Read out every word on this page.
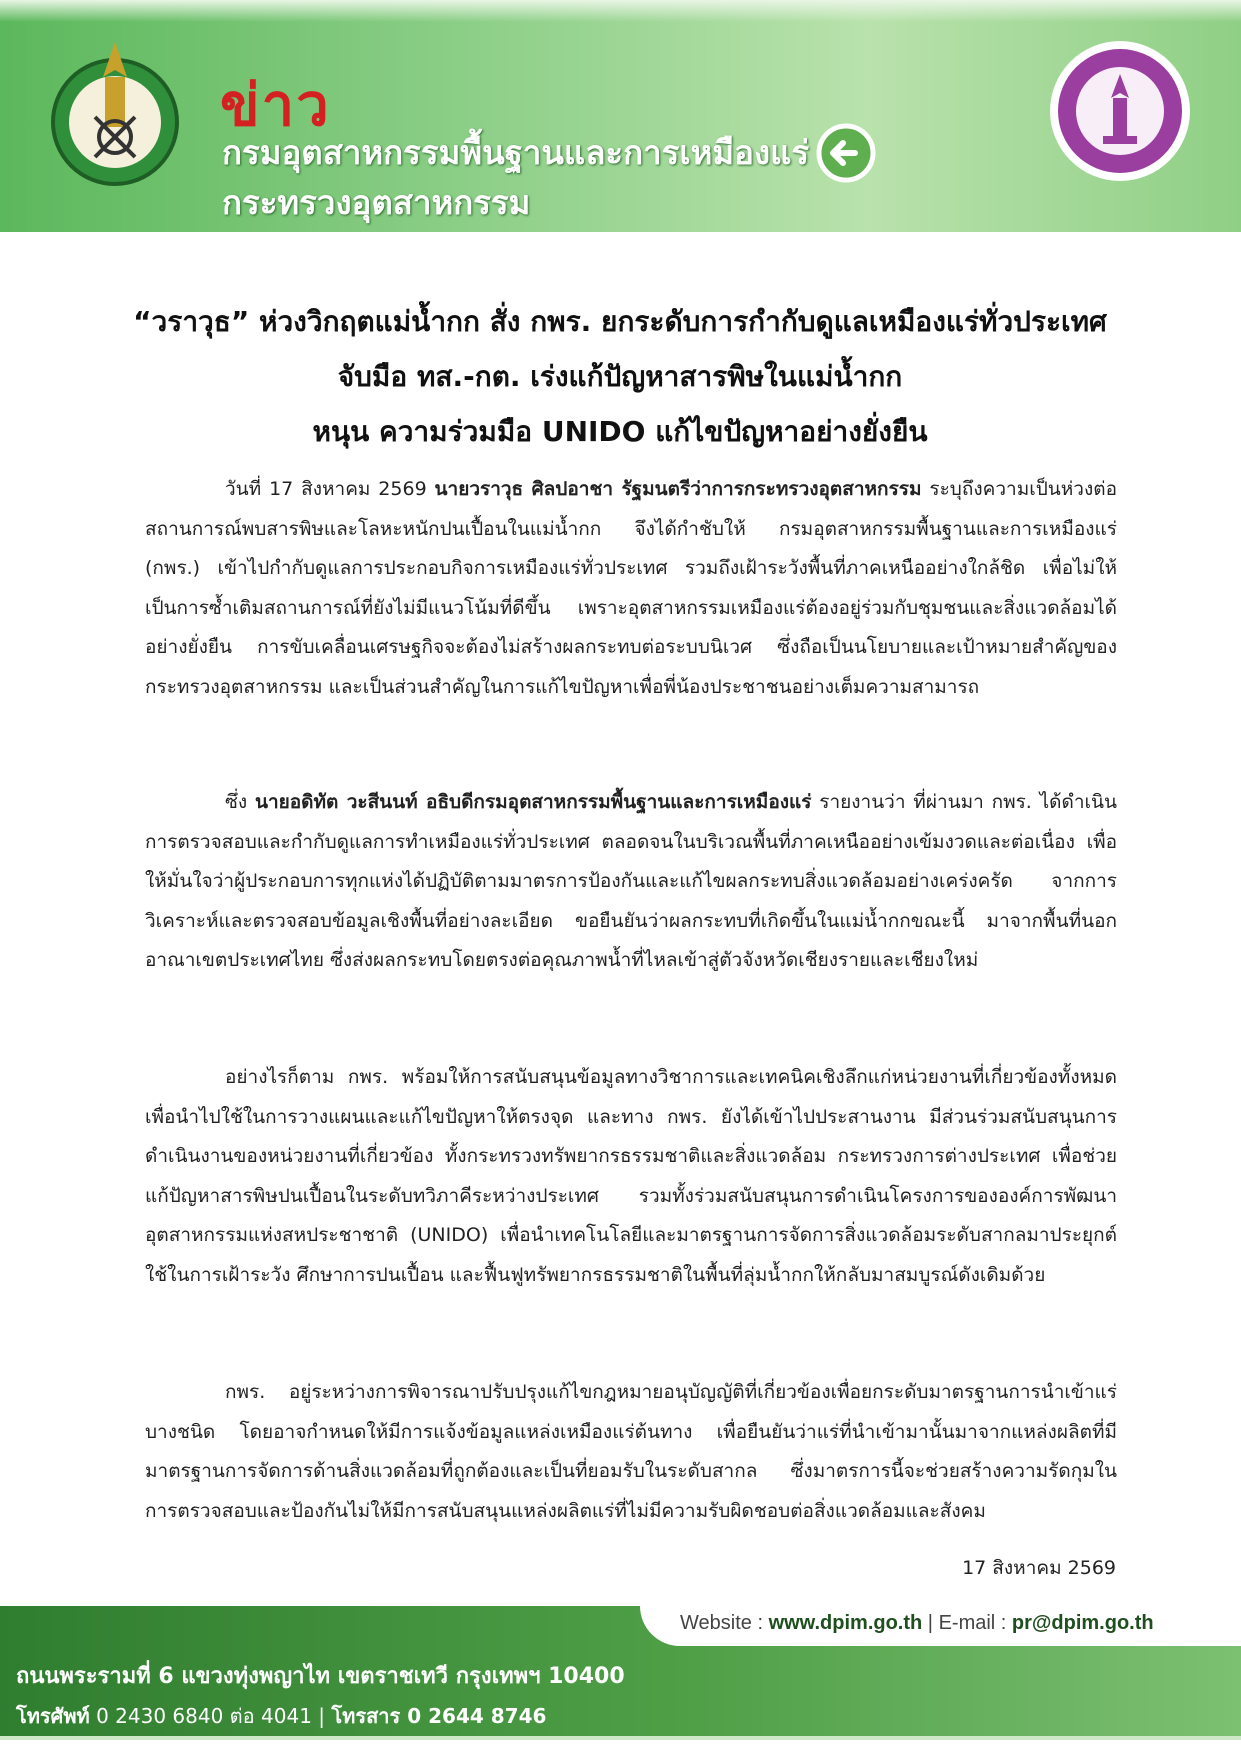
ข่าว
กรมอุตสาหกรรมพื้นฐานและการเหมืองแร่
กระทรวงอุตสาหกรรม
“วราวุธ” ห่วงวิกฤตแม่น้ำกก สั่ง กพร. ยกระดับการกำกับดูแลเหมืองแร่ทั่วประเทศ
จับมือ ทส.-กต. เร่งแก้ปัญหาสารพิษในแม่น้ำกก
หนุน ความร่วมมือ UNIDO แก้ไขปัญหาอย่างยั่งยืน
วันที่ 17 สิงหาคม 2569 นายวราวุธ ศิลปอาชา รัฐมนตรีว่าการกระทรวงอุตสาหกรรม ระบุถึงความเป็นห่วงต่อสถานการณ์พบสารพิษและโลหะหนักปนเปื้อนในแม่น้ำกก จึงได้กำชับให้ กรมอุตสาหกรรมพื้นฐานและการเหมืองแร่ (กพร.) เข้าไปกำกับดูแลการประกอบกิจการเหมืองแร่ทั่วประเทศ รวมถึงเฝ้าระวังพื้นที่ภาคเหนืออย่างใกล้ชิด เพื่อไม่ให้เป็นการซ้ำเติมสถานการณ์ที่ยังไม่มีแนวโน้มที่ดีขึ้น เพราะอุตสาหกรรมเหมืองแร่ต้องอยู่ร่วมกับชุมชนและสิ่งแวดล้อมได้อย่างยั่งยืน การขับเคลื่อนเศรษฐกิจจะต้องไม่สร้างผลกระทบต่อระบบนิเวศ ซึ่งถือเป็นนโยบายและเป้าหมายสำคัญของกระทรวงอุตสาหกรรม และเป็นส่วนสำคัญในการแก้ไขปัญหาเพื่อพี่น้องประชาชนอย่างเต็มความสามารถ
ซึ่ง นายอดิทัต วะสีนนท์ อธิบดีกรมอุตสาหกรรมพื้นฐานและการเหมืองแร่ รายงานว่า ที่ผ่านมา กพร. ได้ดำเนินการตรวจสอบและกำกับดูแลการทำเหมืองแร่ทั่วประเทศ ตลอดจนในบริเวณพื้นที่ภาคเหนืออย่างเข้มงวดและต่อเนื่อง เพื่อให้มั่นใจว่าผู้ประกอบการทุกแห่งได้ปฏิบัติตามมาตรการป้องกันและแก้ไขผลกระทบสิ่งแวดล้อมอย่างเคร่งครัด จากการวิเคราะห์และตรวจสอบข้อมูลเชิงพื้นที่อย่างละเอียด ขอยืนยันว่าผลกระทบที่เกิดขึ้นในแม่น้ำกกขณะนี้ มาจากพื้นที่นอกอาณาเขตประเทศไทย ซึ่งส่งผลกระทบโดยตรงต่อคุณภาพน้ำที่ไหลเข้าสู่ตัวจังหวัดเชียงรายและเชียงใหม่
อย่างไรก็ตาม กพร. พร้อมให้การสนับสนุนข้อมูลทางวิชาการและเทคนิคเชิงลึกแก่หน่วยงานที่เกี่ยวข้องทั้งหมด เพื่อนำไปใช้ในการวางแผนและแก้ไขปัญหาให้ตรงจุด และทาง กพร. ยังได้เข้าไปประสานงาน มีส่วนร่วมสนับสนุนการดำเนินงานของหน่วยงานที่เกี่ยวข้อง ทั้งกระทรวงทรัพยากรธรรมชาติและสิ่งแวดล้อม กระทรวงการต่างประเทศ เพื่อช่วยแก้ปัญหาสารพิษปนเปื้อนในระดับทวิภาคีระหว่างประเทศ รวมทั้งร่วมสนับสนุนการดำเนินโครงการขององค์การพัฒนาอุตสาหกรรมแห่งสหประชาชาติ (UNIDO) เพื่อนำเทคโนโลยีและมาตรฐานการจัดการสิ่งแวดล้อมระดับสากลมาประยุกต์ใช้ในการเฝ้าระวัง ศึกษาการปนเปื้อน และฟื้นฟูทรัพยากรธรรมชาติในพื้นที่ลุ่มน้ำกกให้กลับมาสมบูรณ์ดังเดิมด้วย
กพร. อยู่ระหว่างการพิจารณาปรับปรุงแก้ไขกฎหมายอนุบัญญัติที่เกี่ยวข้องเพื่อยกระดับมาตรฐานการนำเข้าแร่บางชนิด โดยอาจกำหนดให้มีการแจ้งข้อมูลแหล่งเหมืองแร่ต้นทาง เพื่อยืนยันว่าแร่ที่นำเข้ามานั้นมาจากแหล่งผลิตที่มีมาตรฐานการจัดการด้านสิ่งแวดล้อมที่ถูกต้องและเป็นที่ยอมรับในระดับสากล ซึ่งมาตรการนี้จะช่วยสร้างความรัดกุมในการตรวจสอบและป้องกันไม่ให้มีการสนับสนุนแหล่งผลิตแร่ที่ไม่มีความรับผิดชอบต่อสิ่งแวดล้อมและสังคม
17 สิงหาคม 2569
Website : www.dpim.go.th | E-mail : pr@dpim.go.th
ถนนพระรามที่ 6 แขวงทุ่งพญาไท เขตราชเทวี กรุงเทพฯ 10400
โทรศัพท์ 0 2430 6840 ต่อ 4041 | โทรสาร 0 2644 8746
